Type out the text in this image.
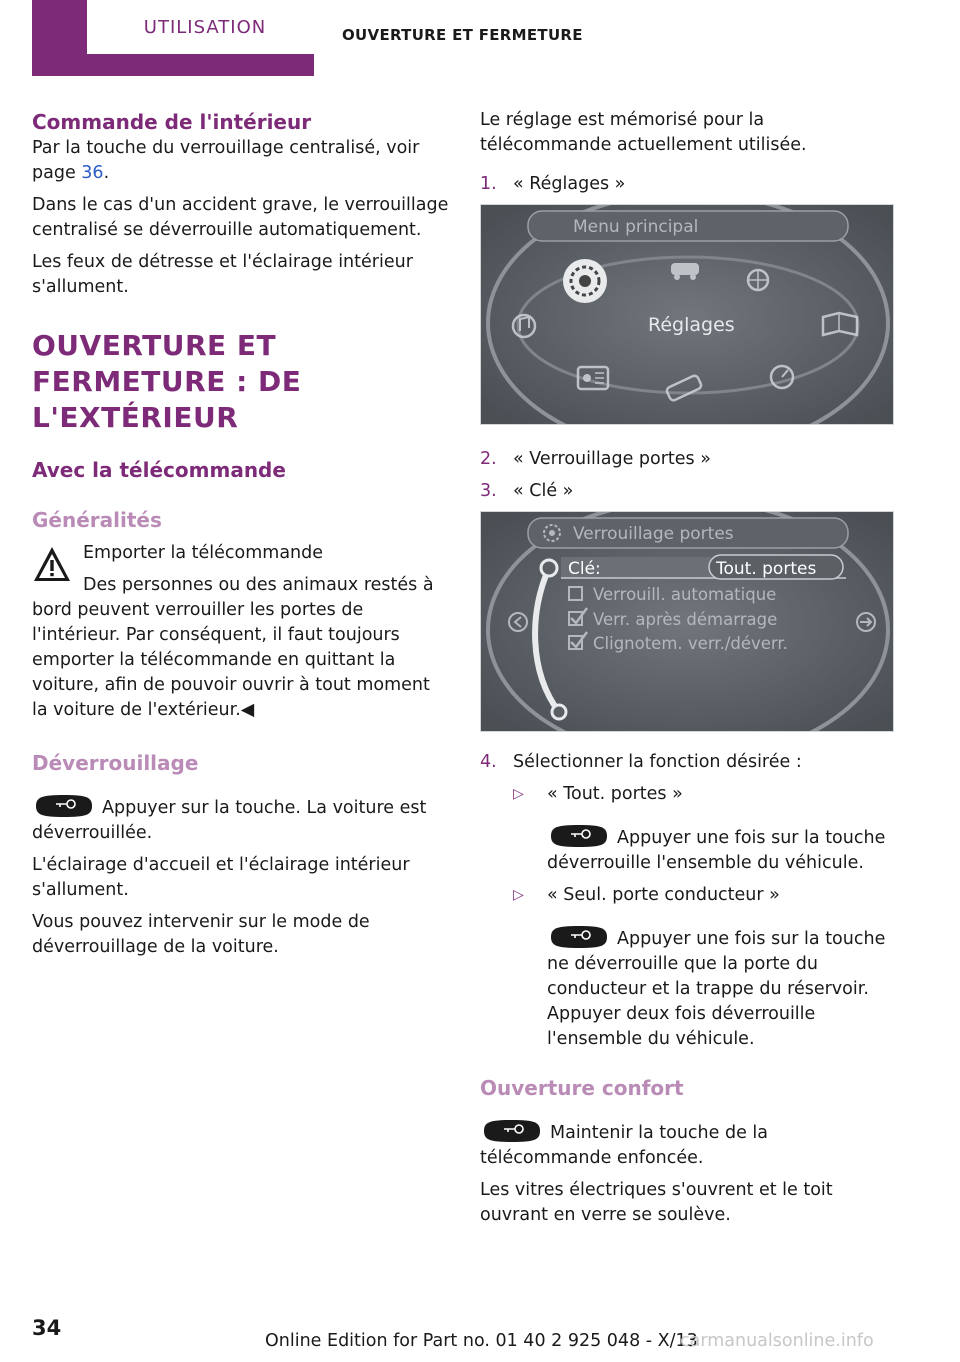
UTILISATION	OUVERTURE ET FERMETURE
Commande de l'intérieur

Par la touche du verrouillage centralisé, voir page 36.

Dans le cas d'un accident grave, le verrouillage centralisé se déverrouille automatiquement.

Les feux de détresse et l'éclairage intérieur s'allument.

OUVERTURE ET FERMETURE : DE L'EXTÉRIEUR
Avec la télécommande
Généralités
Emporter la télécommande

Des personnes ou des animaux restés à bord peuvent verrouiller les portes de l'intérieur. Par conséquent, il faut toujours emporter la télécommande en quittant la voiture, afin de pouvoir ouvrir à tout moment la voiture de l'extérieur.◀

Déverrouillage

Appuyer sur la touche. La voiture est déverrouillée.

L'éclairage d'accueil et l'éclairage intérieur s'allument.

Vous pouvez intervenir sur le mode de déverrouillage de la voiture.

Le réglage est mémorisé pour la télécommande actuellement utilisée.

1. « Réglages »
Menu principal
Réglages
2. « Verrouillage portes »
3. « Clé »
Verrouillage portes
Clé:	Tout. portes
Verrouill. automatique
Verr. après démarrage
Clignotem. verr./déverr.
4. Sélectionner la fonction désirée :
▷ « Tout. portes »

Appuyer une fois sur la touche déverrouille l'ensemble du véhicule.

▷ « Seul. porte conducteur »

Appuyer une fois sur la touche ne déverrouille que la porte du conducteur et la trappe du réservoir. Appuyer deux fois déverrouille l'ensemble du véhicule.

Ouverture confort

Maintenir la touche de la télécommande enfoncée.

Les vitres électriques s'ouvrent et le toit ouvrant en verre se soulève.

34
Online Edition for Part no. 01 40 2 925 048 - X/13
carmanualsonline.info
